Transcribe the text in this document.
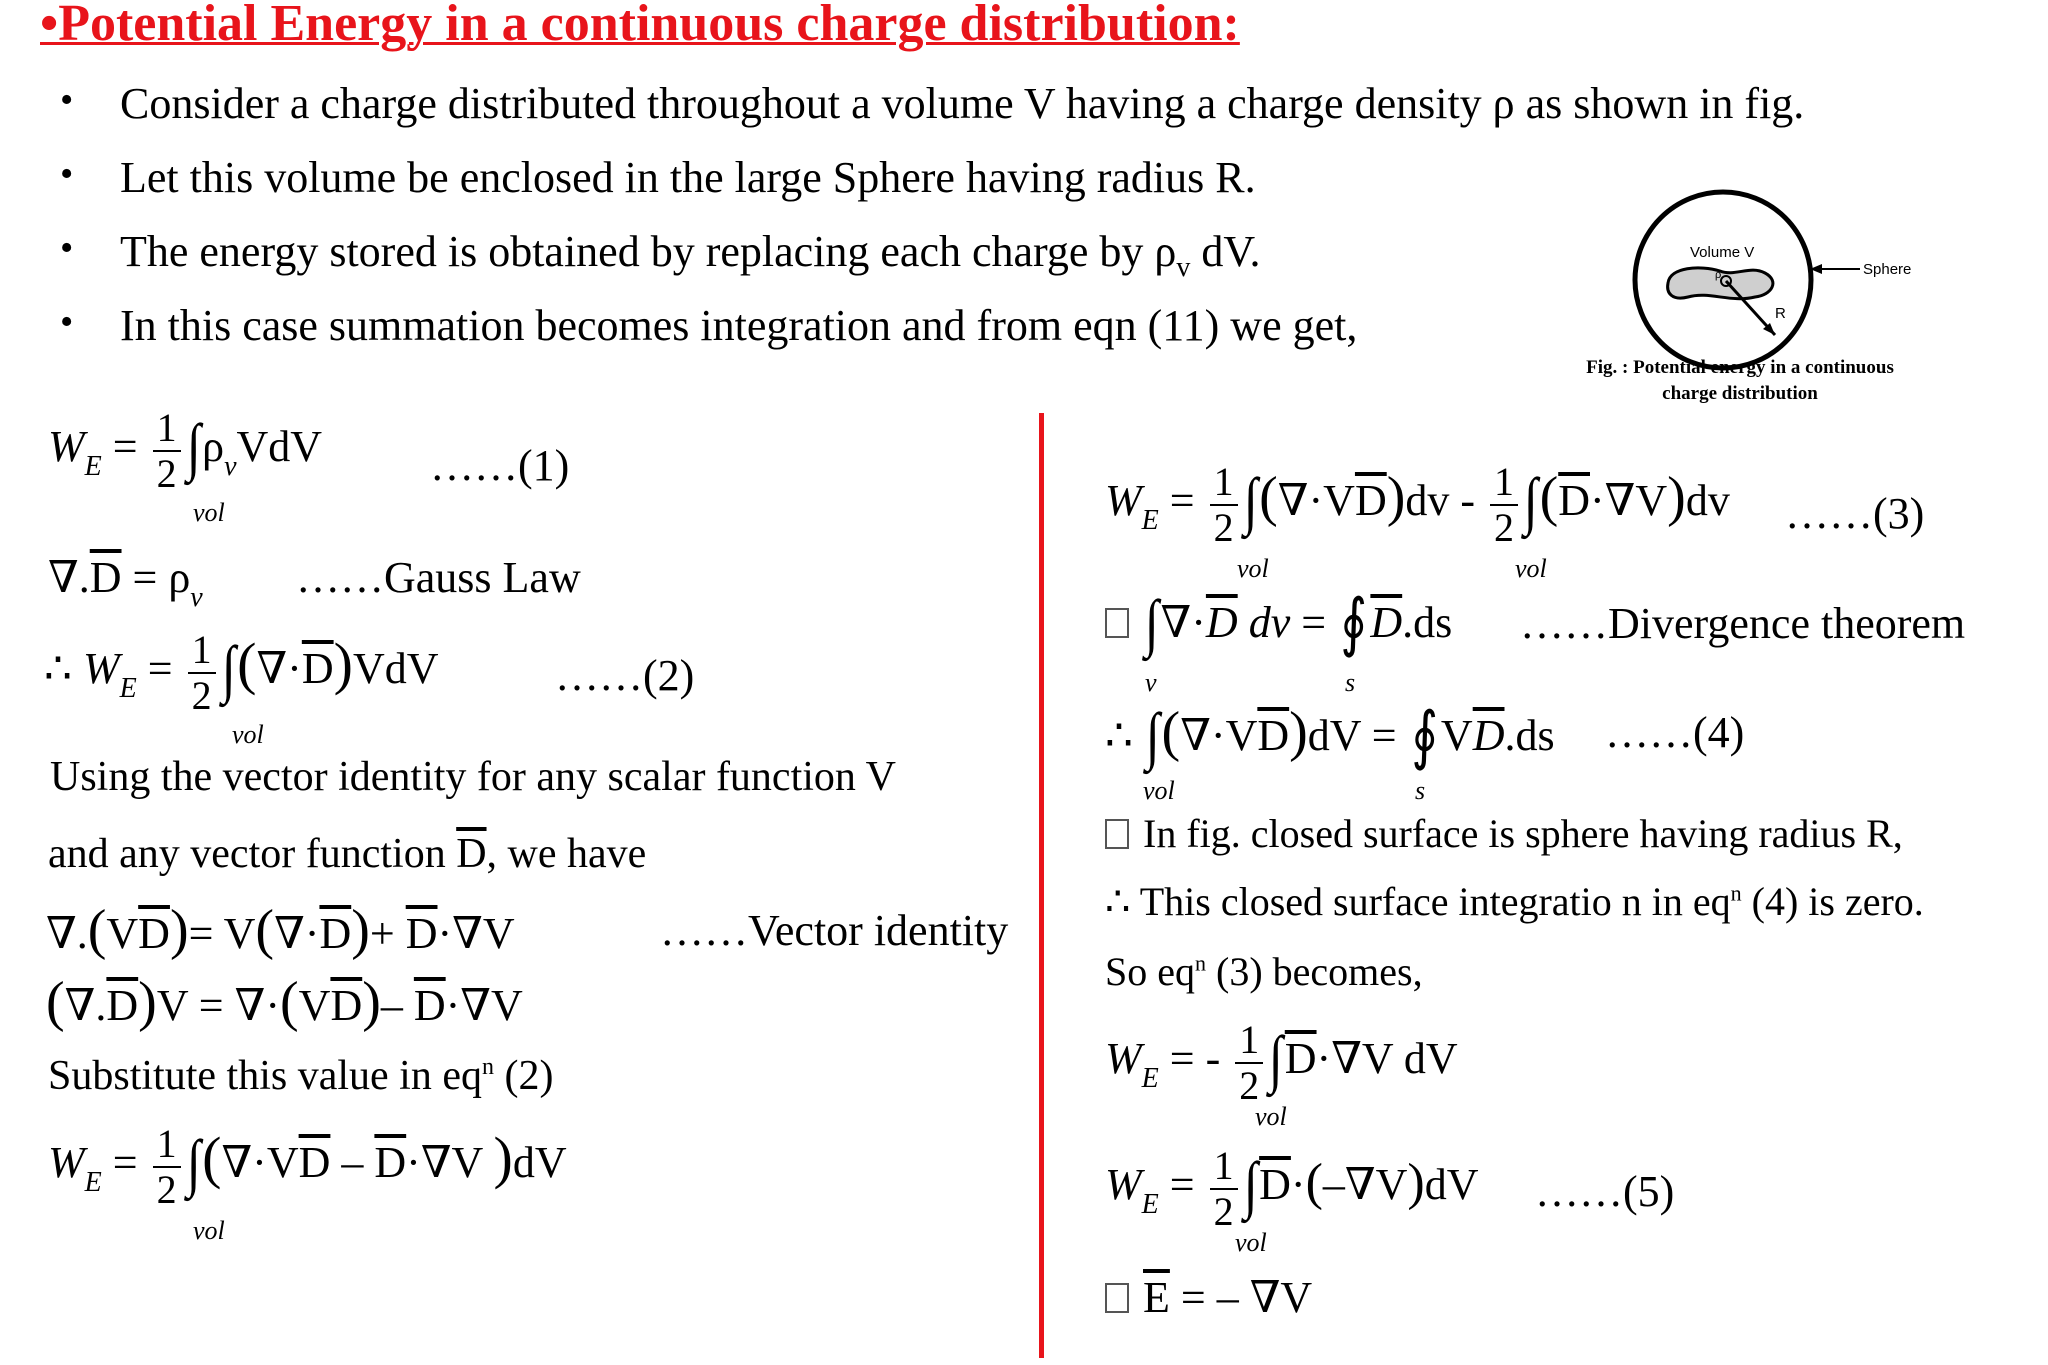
•Potential Energy in a continuous charge distribution:
• Consider a charge distributed throughout a volume V having a charge density ρ as shown in fig.
• Let this volume be enclosed in the large Sphere having radius R.
• The energy stored is obtained by replacing each charge by $\rho_v$ dV.
• In this case summation becomes integration and from eqn (11) we get,
Volume V
ρ	Sphere
R
Fig. : Potential energy in a continuous
charge distribution
$W_E = \frac{1}{2} \int\rho_vVdV$
vol
……(1)
$\nabla.\overline{D} = \rho_v$ ……Gauss Law
∴ $W_E = \frac{1}{2} \int(\nabla\cdot\overline{D})VdV$
vol
……(2)
Using the vector identity for any scalar function V
and any vector function $\overline{D}$, we have
$\nabla.(V\overline{D})= V(\nabla\cdot\overline{D})+ \overline{D}\cdot\nabla V$	……Vector identity
$(\nabla.\overline{D})V = \nabla\cdot(V\overline{D})-$ $\overline{D}\cdot\nabla V$
Substitute this value in $eq^n$ (2)
$W_E = \frac{1}{2} \int(\nabla\cdot V\overline{D} - \overline{D}\cdot\nabla V$ )dV
vol
$W_E = \frac{1}{2} \int(\nabla\cdot V\overline{D})dv - \frac{1}{2} \int(\overline{D}\cdot\nabla V)dv$
vol	vol
……(3)
$\int\nabla\cdot\overline{D}$ dv = $∮\overline{D}.ds$
v	s
……Divergence theorem
∴ $\int(\nabla\cdot V\overline{D})dV$ = $∮V\overline{D}.ds$
vol	s
……(4)
In fig. closed surface is sphere having radius R,
∴ This closed surface integratio n in $eq^n$ (4) is zero.
So $eq^n$ (3) becomes,
$W_E$ = - $\frac{1}{2} \int\overline{D}\cdot\nabla V$ dV
vol
$W_E = \frac{1}{2} \int\overline{D}\cdot(-\nabla V)dV$
vol
……(5)
$\overline{E}$ = – ∇V
